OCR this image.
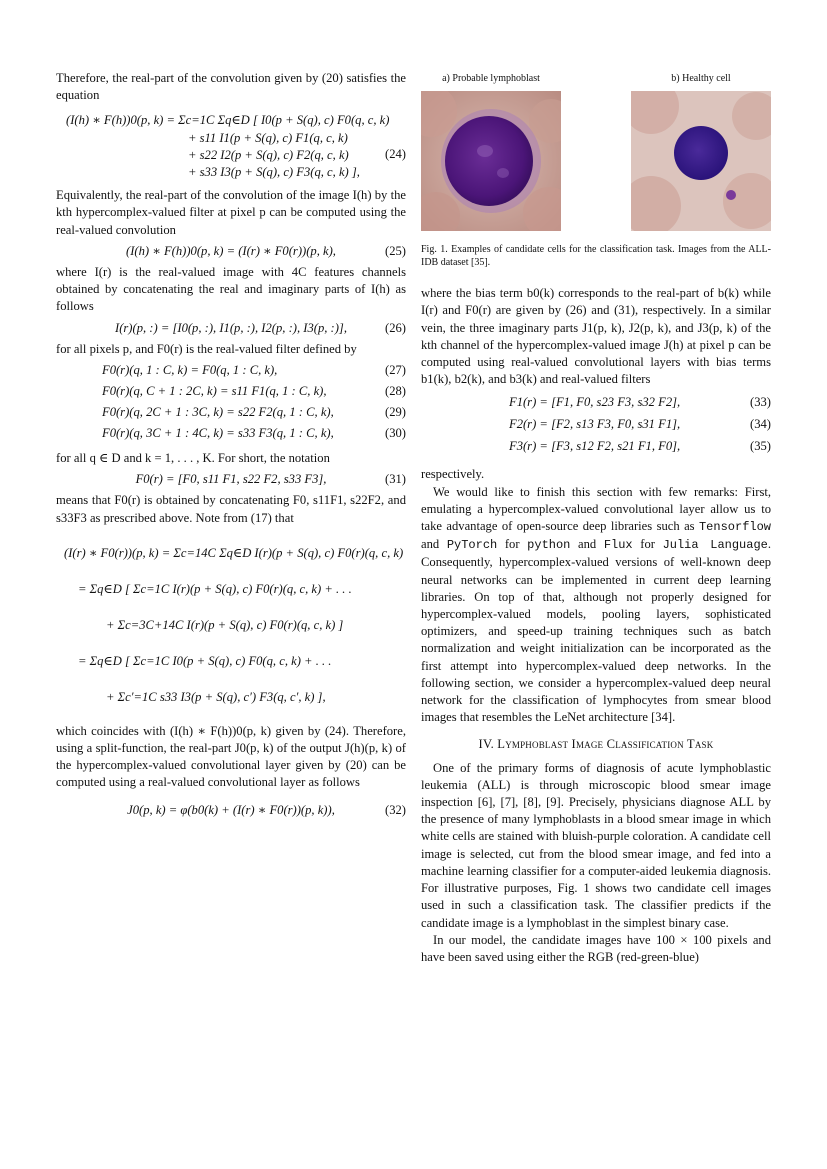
Therefore, the real-part of the convolution given by (20) satisfies the equation

(I(h) ∗ F(h))0(p, k) = Σc=1C Σq∈D [ I0(p + S(q), c) F0(q, c, k)
+ s11 I1(p + S(q), c) F1(q, c, k)
+ s22 I2(p + S(q), c) F2(q, c, k)
+ s33 I3(p + S(q), c) F3(q, c, k) ],
(24)

Equivalently, the real-part of the convolution of the image I(h) by the kth hypercomplex-valued filter at pixel p can be computed using the real-valued convolution

(I(h) ∗ F(h))0(p, k) = (I(r) ∗ F0(r))(p, k),	(25)

where I(r) is the real-valued image with 4C features channels obtained by concatenating the real and imaginary parts of I(h) as follows

I(r)(p, :) = [I0(p, :), I1(p, :), I2(p, :), I3(p, :)],	(26)

for all pixels p, and F0(r) is the real-valued filter defined by

F0(r)(q, 1 : C, k) = F0(q, 1 : C, k),	(27)
F0(r)(q, C + 1 : 2C, k) = s11 F1(q, 1 : C, k),	(28)
F0(r)(q, 2C + 1 : 3C, k) = s22 F2(q, 1 : C, k),	(29)
F0(r)(q, 3C + 1 : 4C, k) = s33 F3(q, 1 : C, k),	(30)

for all q ∈ D and k = 1, . . . , K. For short, the notation

F0(r) = [F0, s11 F1, s22 F2, s33 F3],	(31)

means that F0(r) is obtained by concatenating F0, s11F1, s22F2, and s33F3 as prescribed above. Note from (17) that

(I(r) ∗ F0(r))(p, k) = Σc=14C Σq∈D I(r)(p + S(q), c) F0(r)(q, c, k)
= Σq∈D [ Σc=1C I(r)(p + S(q), c) F0(r)(q, c, k) + . . .
+ Σc=3C+14C I(r)(p + S(q), c) F0(r)(q, c, k) ]
= Σq∈D [ Σc=1C I0(p + S(q), c) F0(q, c, k) + . . .
+ Σc′=1C s33 I3(p + S(q), c′) F3(q, c′, k) ],

which coincides with (I(h) ∗ F(h))0(p, k) given by (24). Therefore, using a split-function, the real-part J0(p, k) of the output J(h)(p, k) of the hypercomplex-valued convolutional layer given by (20) can be computed using a real-valued convolutional layer as follows

J0(p, k) = φ(b0(k) + (I(r) ∗ F0(r))(p, k)),	(32)
a) Probable lymphoblast	b) Healthy cell
Fig. 1. Examples of candidate cells for the classification task. Images from the ALL-IDB dataset [35].

where the bias term b0(k) corresponds to the real-part of b(k) while I(r) and F0(r) are given by (26) and (31), respectively. In a similar vein, the three imaginary parts J1(p, k), J2(p, k), and J3(p, k) of the kth channel of the hypercomplex-valued image J(h) at pixel p can be computed using real-valued convolutional layers with bias terms b1(k), b2(k), and b3(k) and real-valued filters

F1(r) = [F1, F0, s23 F3, s32 F2],	(33)
F2(r) = [F2, s13 F3, F0, s31 F1],	(34)
F3(r) = [F3, s12 F2, s21 F1, F0],	(35)

respectively.

We would like to finish this section with few remarks: First, emulating a hypercomplex-valued convolutional layer allow us to take advantage of open-source deep libraries such as Tensorflow and PyTorch for python and Flux for Julia Language. Consequently, hypercomplex-valued versions of well-known deep neural networks can be implemented in current deep learning libraries. On top of that, although not properly designed for hypercomplex-valued models, pooling layers, sophisticated optimizers, and speed-up training techniques such as batch normalization and weight initialization can be incorporated as the first attempt into hypercomplex-valued deep networks. In the following section, we consider a hypercomplex-valued deep neural network for the classification of lymphocytes from smear blood images that resembles the LeNet architecture [34].

IV. Lymphoblast Image Classification Task

One of the primary forms of diagnosis of acute lymphoblastic leukemia (ALL) is through microscopic blood smear image inspection [6], [7], [8], [9]. Precisely, physicians diagnose ALL by the presence of many lymphoblasts in a blood smear image in which white cells are stained with bluish-purple coloration. A candidate cell image is selected, cut from the blood smear image, and fed into a machine learning classifier for a computer-aided leukemia diagnosis. For illustrative purposes, Fig. 1 shows two candidate cell images used in such a classification task. The classifier predicts if the candidate image is a lymphoblast in the simplest binary case.

In our model, the candidate images have 100 × 100 pixels and have been saved using either the RGB (red-green-blue)
